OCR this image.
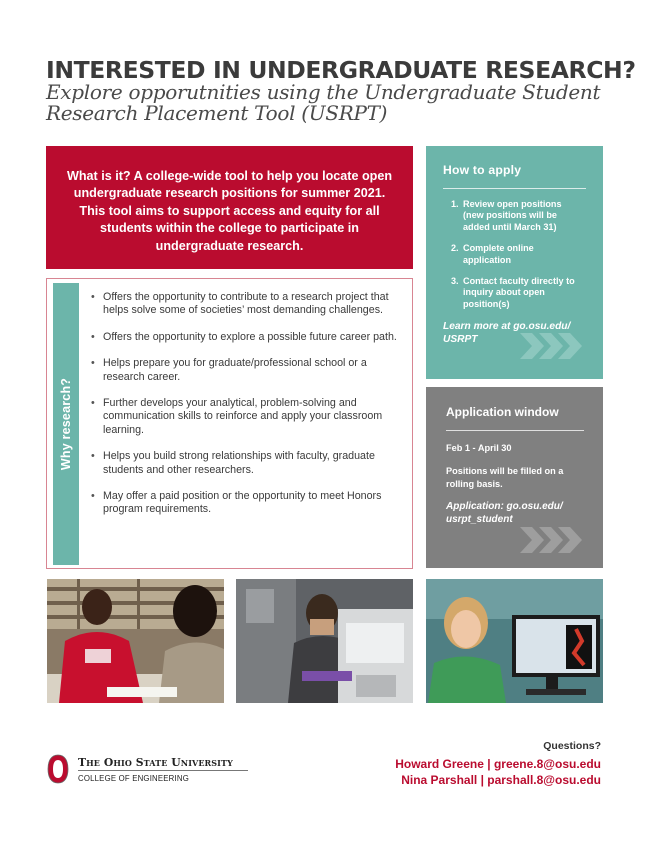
INTERESTED IN UNDERGRADUATE RESEARCH?

Explore opporutnities using the Undergraduate Student Research Placement Tool (USRPT)

What is it? A college-wide tool to help you locate open undergraduate research positions for summer 2021. This tool aims to support access and equity for all students within the college to participate in undergraduate research.

Why research?
• Offers the opportunity to contribute to a research project that helps solve some of societies’ most demanding challenges.
• Offers the opportunity to explore a possible future career path.
• Helps prepare you for graduate/professional school or a research career.
• Further develops your analytical, problem-solving and communication skills to reinforce and apply your classroom learning.
• Helps you build strong relationships with faculty, graduate students and other researchers.
• May offer a paid position or the opportunity to meet Honors program requirements.
How to apply
1. Review open positions (new positions will be added until March 31)
2. Complete online application
3. Contact faculty directly to inquiry about open position(s)
Learn more at go.osu.edu/ USRPT
Application window
Feb 1 - April 30
Positions will be filled on a rolling basis.
Application: go.osu.edu/ usrpt_student
The Ohio State University
COLLEGE OF ENGINEERING
Questions?
Howard Greene | greene.8@osu.edu
Nina Parshall | parshall.8@osu.edu
